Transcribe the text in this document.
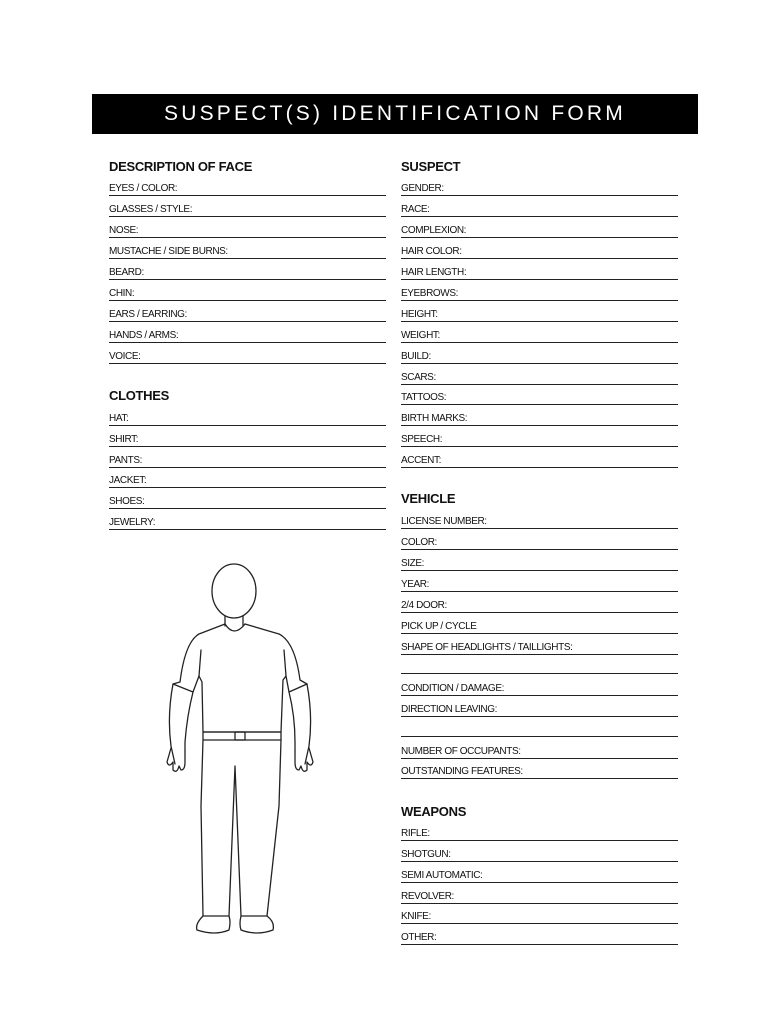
SUSPECT(S) IDENTIFICATION FORM
DESCRIPTION OF FACE
EYES / COLOR:
GLASSES / STYLE:
NOSE:
MUSTACHE / SIDE BURNS:
BEARD:
CHIN:
EARS / EARRING:
HANDS / ARMS:
VOICE:
CLOTHES
HAT:
SHIRT:
PANTS:
JACKET:
SHOES:
JEWELRY:
SUSPECT
GENDER:
RACE:
COMPLEXION:
HAIR COLOR:
HAIR LENGTH:
EYEBROWS:
HEIGHT:
WEIGHT:
BUILD:
SCARS:
TATTOOS:
BIRTH MARKS:
SPEECH:
ACCENT:
VEHICLE
LICENSE NUMBER:
COLOR:
SIZE:
YEAR:
2/4 DOOR:
PICK UP / CYCLE
SHAPE OF HEADLIGHTS / TAILLIGHTS:
CONDITION / DAMAGE:
DIRECTION LEAVING:
NUMBER OF OCCUPANTS:
OUTSTANDING FEATURES:
WEAPONS
RIFLE:
SHOTGUN:
SEMI AUTOMATIC:
REVOLVER:
KNIFE:
OTHER:
